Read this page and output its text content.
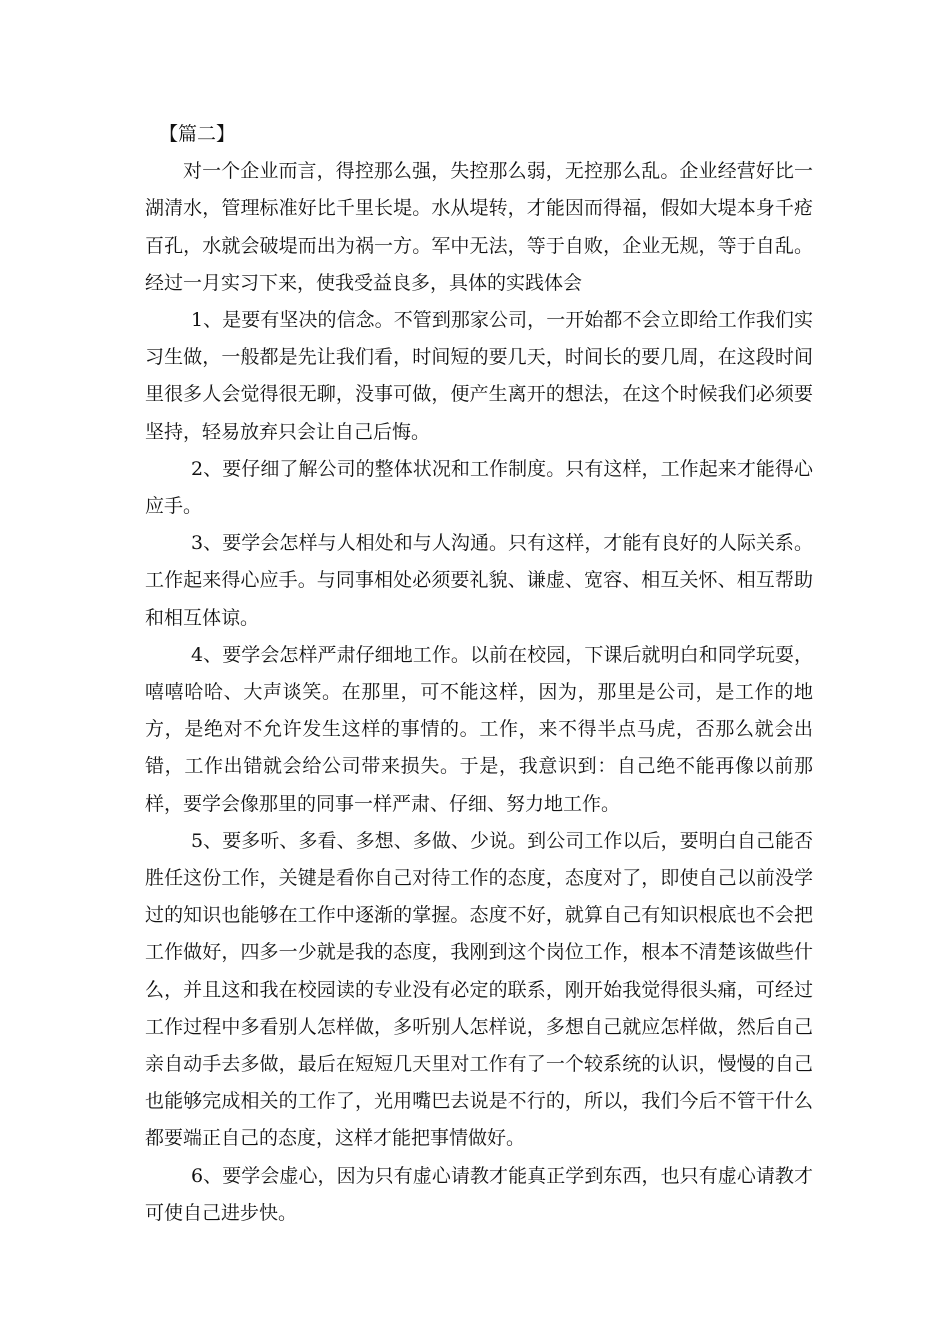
【篇二】

对一个企业而言，得控那么强，失控那么弱，无控那么乱。企业经营好比一湖清水，管理标准好比千里长堤。水从堤转，才能因而得福，假如大堤本身千疮百孔，水就会破堤而出为祸一方。军中无法，等于自败，企业无规，等于自乱。经过一月实习下来，使我受益良多，具体的实践体会

1、是要有坚决的信念。不管到那家公司，一开始都不会立即给工作我们实习生做，一般都是先让我们看，时间短的要几天，时间长的要几周，在这段时间里很多人会觉得很无聊，没事可做，便产生离开的想法，在这个时候我们必须要坚持，轻易放弃只会让自己后悔。

2、要仔细了解公司的整体状况和工作制度。只有这样，工作起来才能得心应手。

3、要学会怎样与人相处和与人沟通。只有这样，才能有良好的人际关系。工作起来得心应手。与同事相处必须要礼貌、谦虚、宽容、相互关怀、相互帮助和相互体谅。

4、要学会怎样严肃仔细地工作。以前在校园，下课后就明白和同学玩耍，嘻嘻哈哈、大声谈笑。在那里，可不能这样，因为，那里是公司，是工作的地方，是绝对不允许发生这样的事情的。工作，来不得半点马虎，否那么就会出错，工作出错就会给公司带来损失。于是，我意识到：自己绝不能再像以前那样，要学会像那里的同事一样严肃、仔细、努力地工作。

5、要多听、多看、多想、多做、少说。到公司工作以后，要明白自己能否胜任这份工作，关键是看你自己对待工作的态度，态度对了，即使自己以前没学过的知识也能够在工作中逐渐的掌握。态度不好，就算自己有知识根底也不会把工作做好，四多一少就是我的态度，我刚到这个岗位工作，根本不清楚该做些什么，并且这和我在校园读的专业没有必定的联系，刚开始我觉得很头痛，可经过工作过程中多看别人怎样做，多听别人怎样说，多想自己就应怎样做，然后自己亲自动手去多做，最后在短短几天里对工作有了一个较系统的认识，慢慢的自己也能够完成相关的工作了，光用嘴巴去说是不行的，所以，我们今后不管干什么都要端正自己的态度，这样才能把事情做好。

6、要学会虚心，因为只有虚心请教才能真正学到东西，也只有虚心请教才可使自己进步快。
